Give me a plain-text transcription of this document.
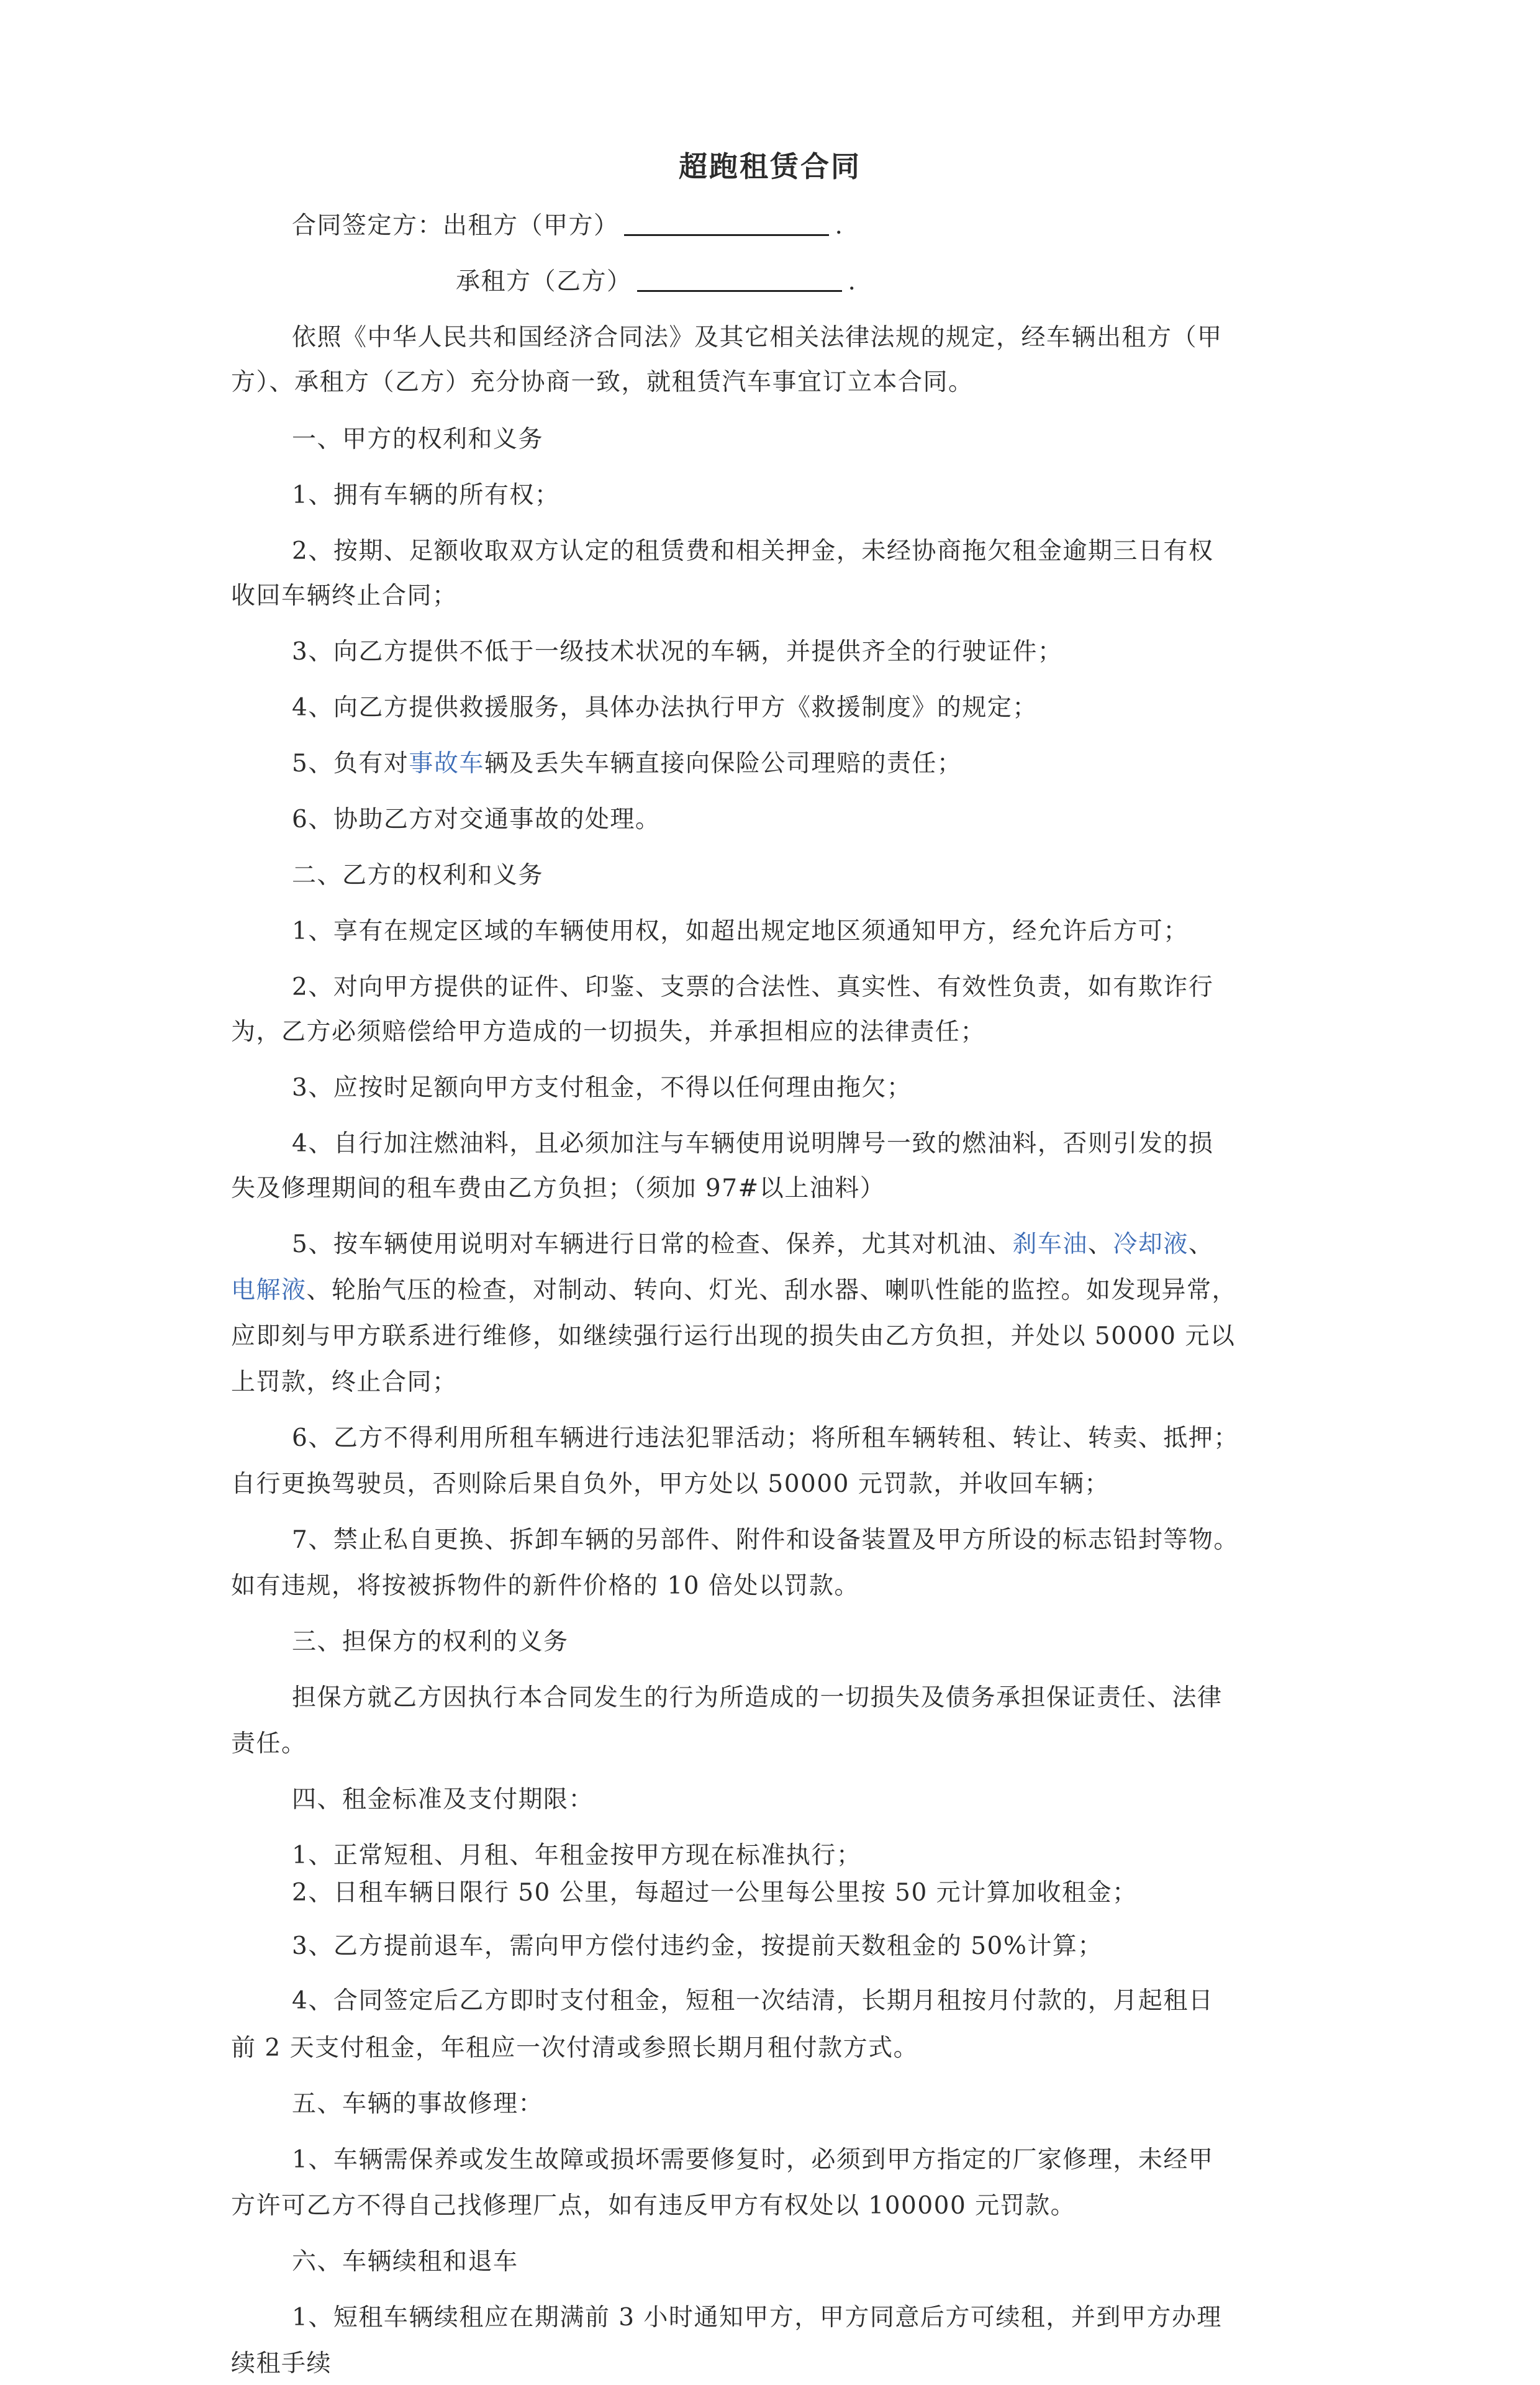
超跑租赁合同
合同签定方：出租方（甲方）	.
承租方（乙方）	.
依照《中华人民共和国经济合同法》及其它相关法律法规的规定，经车辆出租方（甲
方）、承租方（乙方）充分协商一致，就租赁汽车事宜订立本合同。
一、甲方的权利和义务
1、拥有车辆的所有权；
2、按期、足额收取双方认定的租赁费和相关押金，未经协商拖欠租金逾期三日有权
收回车辆终止合同；
3、向乙方提供不低于一级技术状况的车辆，并提供齐全的行驶证件；
4、向乙方提供救援服务，具体办法执行甲方《救援制度》的规定；
5、负有对事故车辆及丢失车辆直接向保险公司理赔的责任；
6、协助乙方对交通事故的处理。
二、乙方的权利和义务
1、享有在规定区域的车辆使用权，如超出规定地区须通知甲方，经允许后方可；
2、对向甲方提供的证件、印鉴、支票的合法性、真实性、有效性负责，如有欺诈行
为，乙方必须赔偿给甲方造成的一切损失，并承担相应的法律责任；
3、应按时足额向甲方支付租金，不得以任何理由拖欠；
4、自行加注燃油料，且必须加注与车辆使用说明牌号一致的燃油料，否则引发的损
失及修理期间的租车费由乙方负担；（须加 97#以上油料）
5、按车辆使用说明对车辆进行日常的检查、保养，尤其对机油、刹车油、冷却液、
电解液、轮胎气压的检查，对制动、转向、灯光、刮水器、喇叭性能的监控。如发现异常，
应即刻与甲方联系进行维修，如继续强行运行出现的损失由乙方负担，并处以 50000 元以
上罚款，终止合同；
6、乙方不得利用所租车辆进行违法犯罪活动；将所租车辆转租、转让、转卖、抵押；
自行更换驾驶员，否则除后果自负外，甲方处以 50000 元罚款，并收回车辆；
7、禁止私自更换、拆卸车辆的另部件、附件和设备装置及甲方所设的标志铅封等物。
如有违规，将按被拆物件的新件价格的 10 倍处以罚款。
三、担保方的权利的义务
担保方就乙方因执行本合同发生的行为所造成的一切损失及债务承担保证责任、法律
责任。
四、租金标准及支付期限：
1、正常短租、月租、年租金按甲方现在标准执行；
2、日租车辆日限行 50 公里，每超过一公里每公里按 50 元计算加收租金；
3、乙方提前退车，需向甲方偿付违约金，按提前天数租金的 50%计算；
4、合同签定后乙方即时支付租金，短租一次结清，长期月租按月付款的，月起租日
前 2 天支付租金，年租应一次付清或参照长期月租付款方式。
五、车辆的事故修理：
1、车辆需保养或发生故障或损坏需要修复时，必须到甲方指定的厂家修理，未经甲
方许可乙方不得自己找修理厂点，如有违反甲方有权处以 100000 元罚款。
六、车辆续租和退车
1、短租车辆续租应在期满前 3 小时通知甲方，甲方同意后方可续租，并到甲方办理
续租手续
